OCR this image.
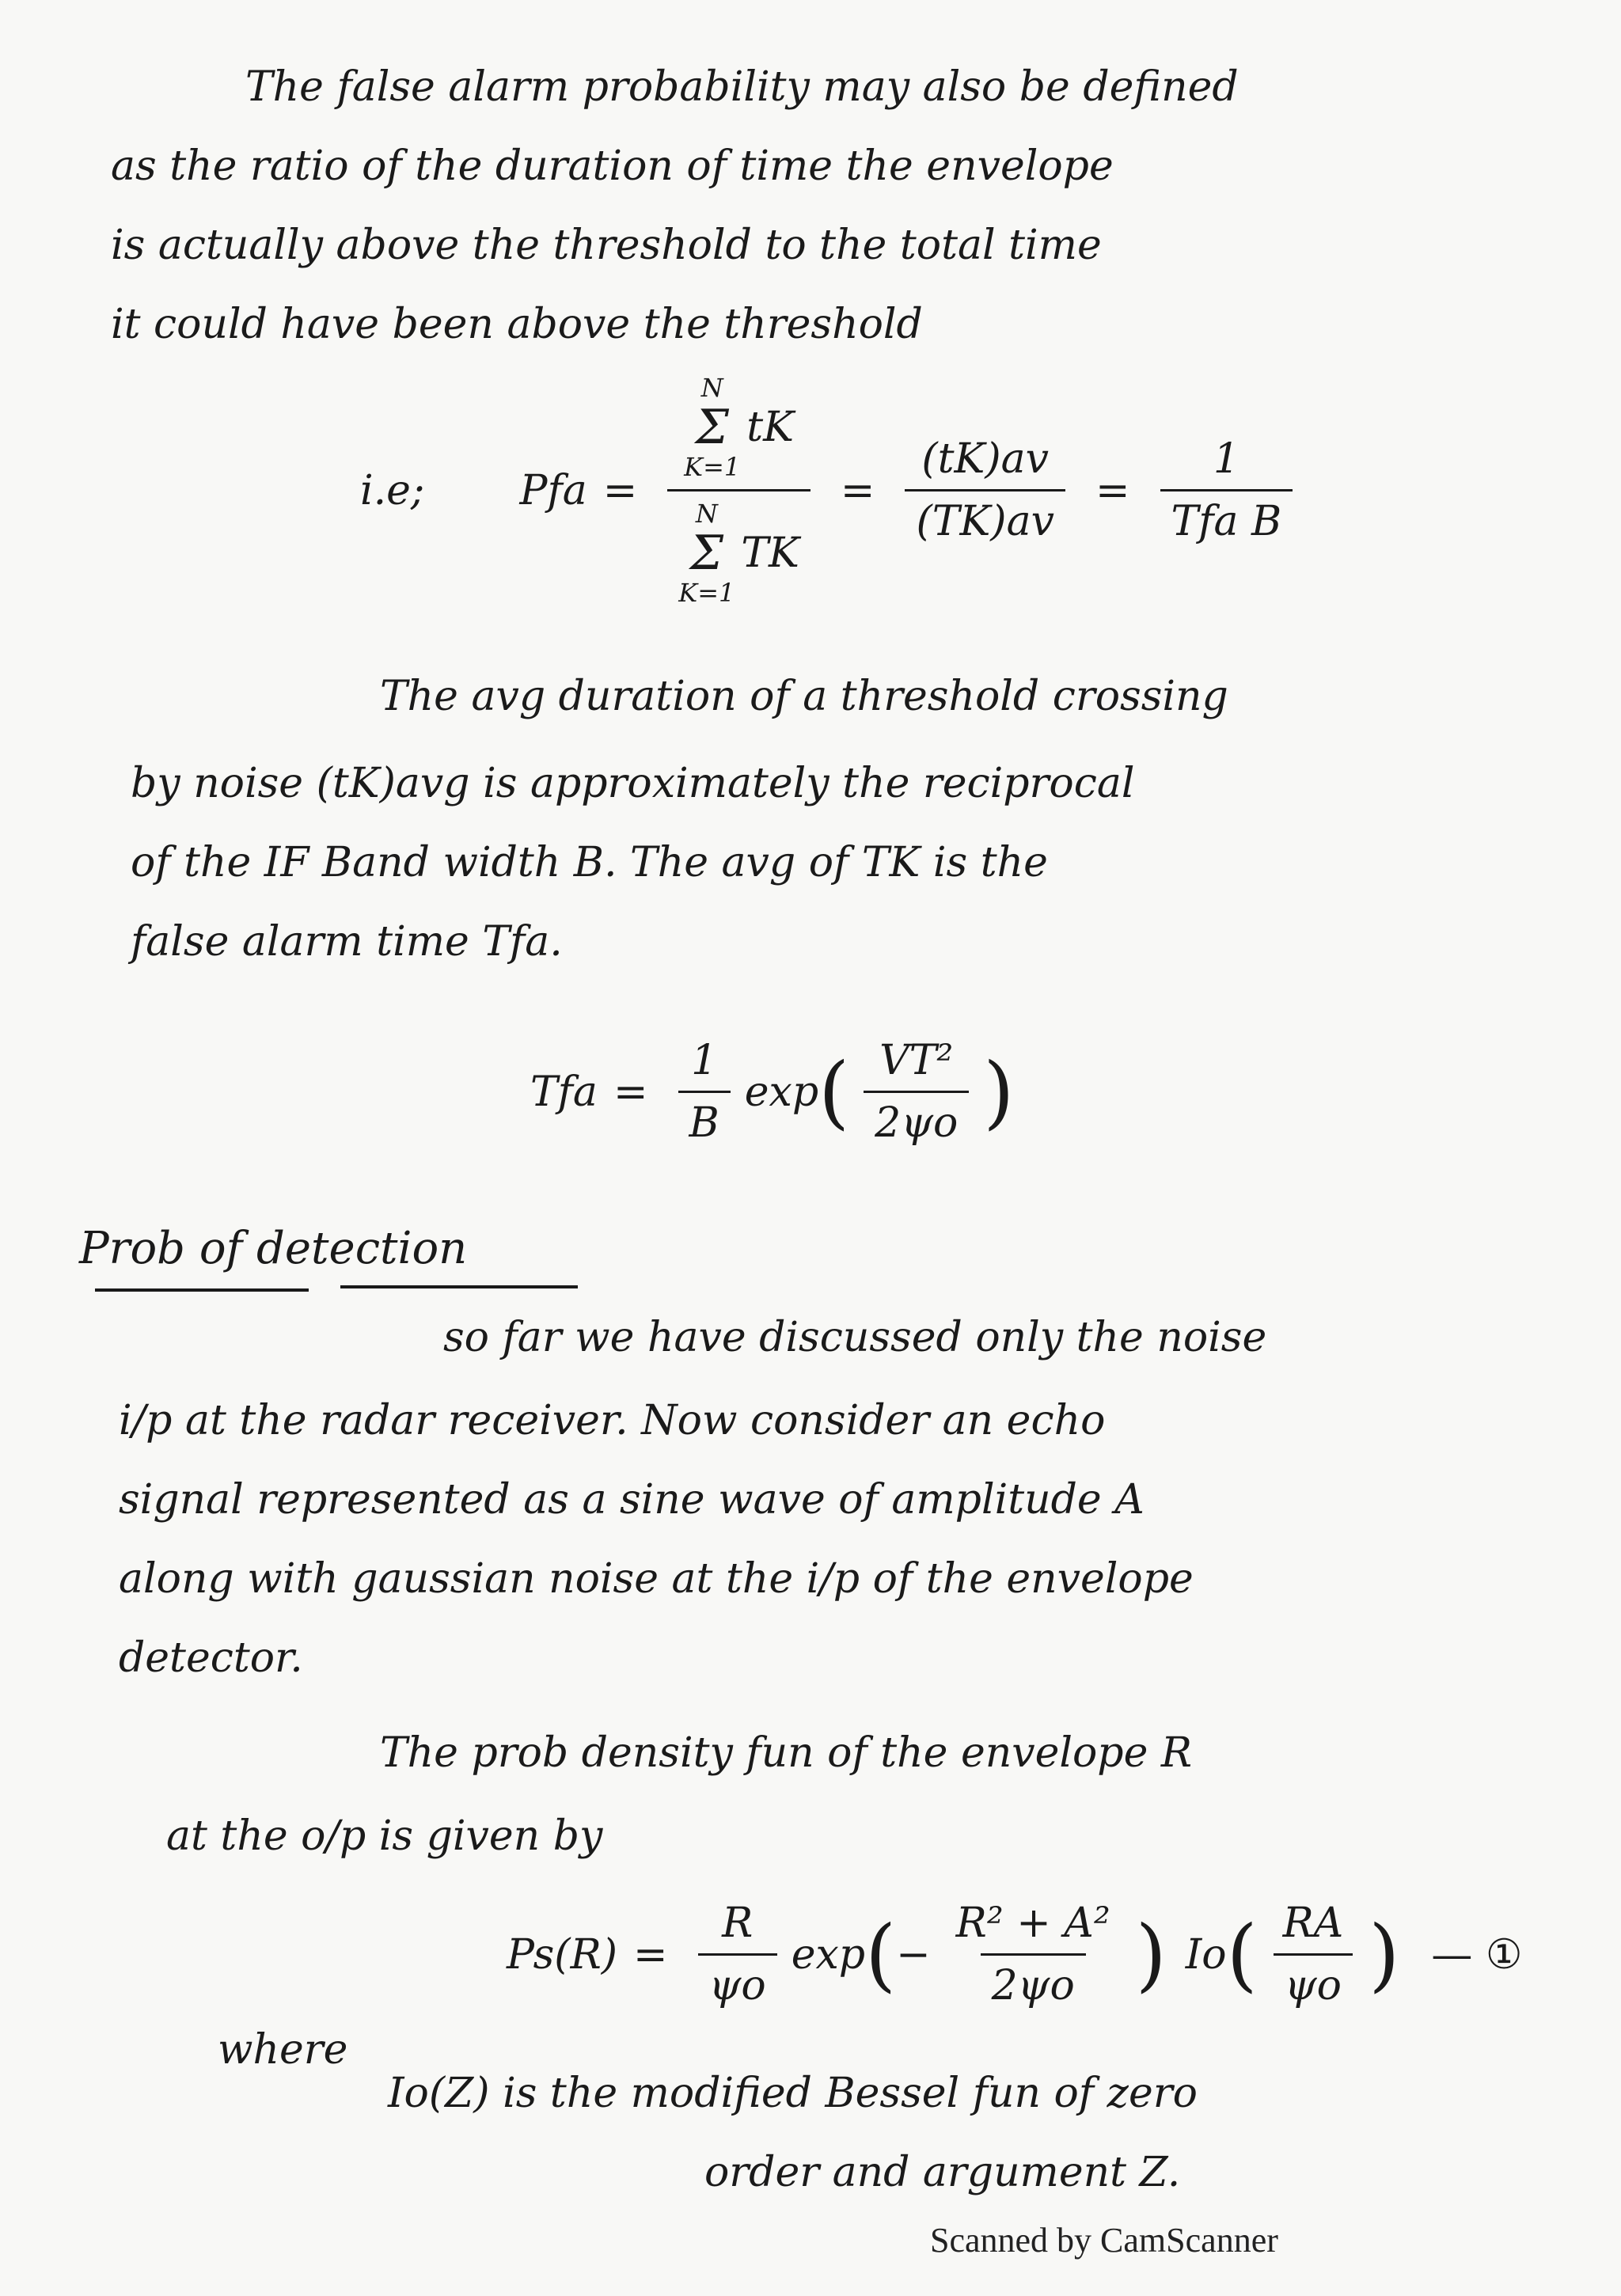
The false alarm probability may also be defined
as the ratio of the duration of time the envelope
is actually above the threshold to the total time
it could have been above the threshold
i.e; Pfa = N
Σ
K=1
tK
N
Σ
K=1
TK = $\frac{(tK)av}{(TK)av} = \frac{1}{\text{Tfa B}}$
The avg duration of a threshold crossing
by noise (tK)avg is approximately the reciprocal
of the IF Band width B. The avg of TK is the
false alarm time Tfa.
Tfa = $\frac{1}{B}$ exp ( $\frac{\text{VT²}}{2\psi o}$ )
Prob of detection
so far we have discussed only the noise
i/p at the radar receiver. Now consider an echo
signal represented as a sine wave of amplitude A
along with gaussian noise at the i/p of the envelope
detector.
The prob density fun of the envelope R
at the o/p is given by
$Ps(R) = \frac{R}{\psi o}$ exp ( − $\frac{\text{R² + A²}}{2\psi o}$ ) Io ( $\frac{RA}{\psi o}$ ) — ①
where
Io(Z) is the modified Bessel fun of zero
order and argument Z.
Scanned by CamScanner
